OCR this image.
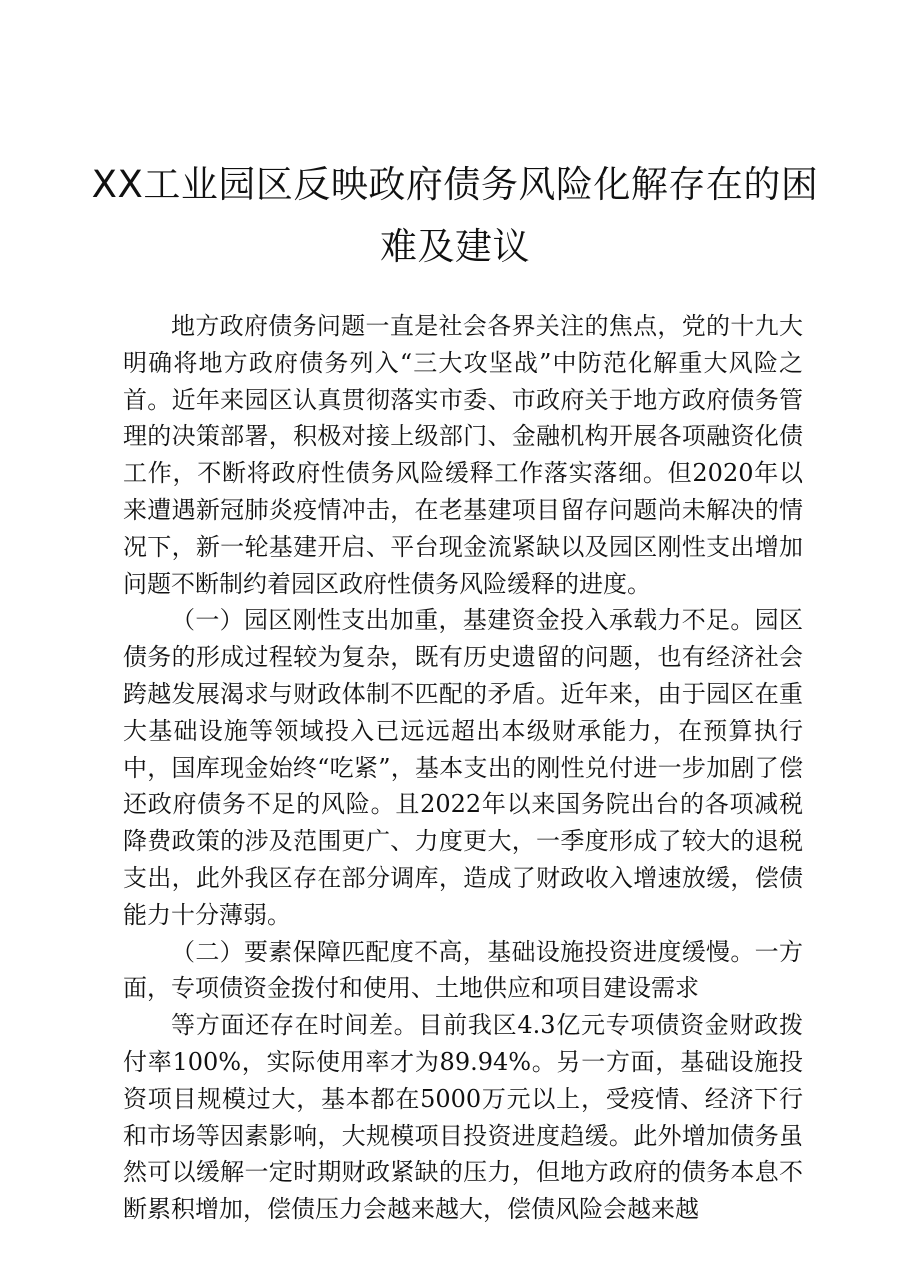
XX工业园区反映政府债务风险化解存在的困
难及建议

地方政府债务问题一直是社会各界关注的焦点，党的十九大明确将地方政府债务列入“三大攻坚战”中防范化解重大风险之首。近年来园区认真贯彻落实市委、市政府关于地方政府债务管理的决策部署，积极对接上级部门、金融机构开展各项融资化债工作，不断将政府性债务风险缓释工作落实落细。但2020年以来遭遇新冠肺炎疫情冲击，在老基建项目留存问题尚未解决的情况下，新一轮基建开启、平台现金流紧缺以及园区刚性支出增加问题不断制约着园区政府性债务风险缓释的进度。

（一）园区刚性支出加重，基建资金投入承载力不足。园区债务的形成过程较为复杂，既有历史遗留的问题，也有经济社会跨越发展渴求与财政体制不匹配的矛盾。近年来，由于园区在重大基础设施等领域投入已远远超出本级财承能力，在预算执行中，国库现金始终“吃紧”，基本支出的刚性兑付进一步加剧了偿还政府债务不足的风险。且2022年以来国务院出台的各项减税降费政策的涉及范围更广、力度更大，一季度形成了较大的退税支出，此外我区存在部分调库，造成了财政收入增速放缓，偿债能力十分薄弱。

（二）要素保障匹配度不高，基础设施投资进度缓慢。一方面，专项债资金拨付和使用、土地供应和项目建设需求

等方面还存在时间差。目前我区4.3亿元专项债资金财政拨付率100%，实际使用率才为89.94%。另一方面，基础设施投资项目规模过大，基本都在5000万元以上，受疫情、经济下行和市场等因素影响，大规模项目投资进度趋缓。此外增加债务虽然可以缓解一定时期财政紧缺的压力，但地方政府的债务本息不断累积增加，偿债压力会越来越大，偿债风险会越来越
